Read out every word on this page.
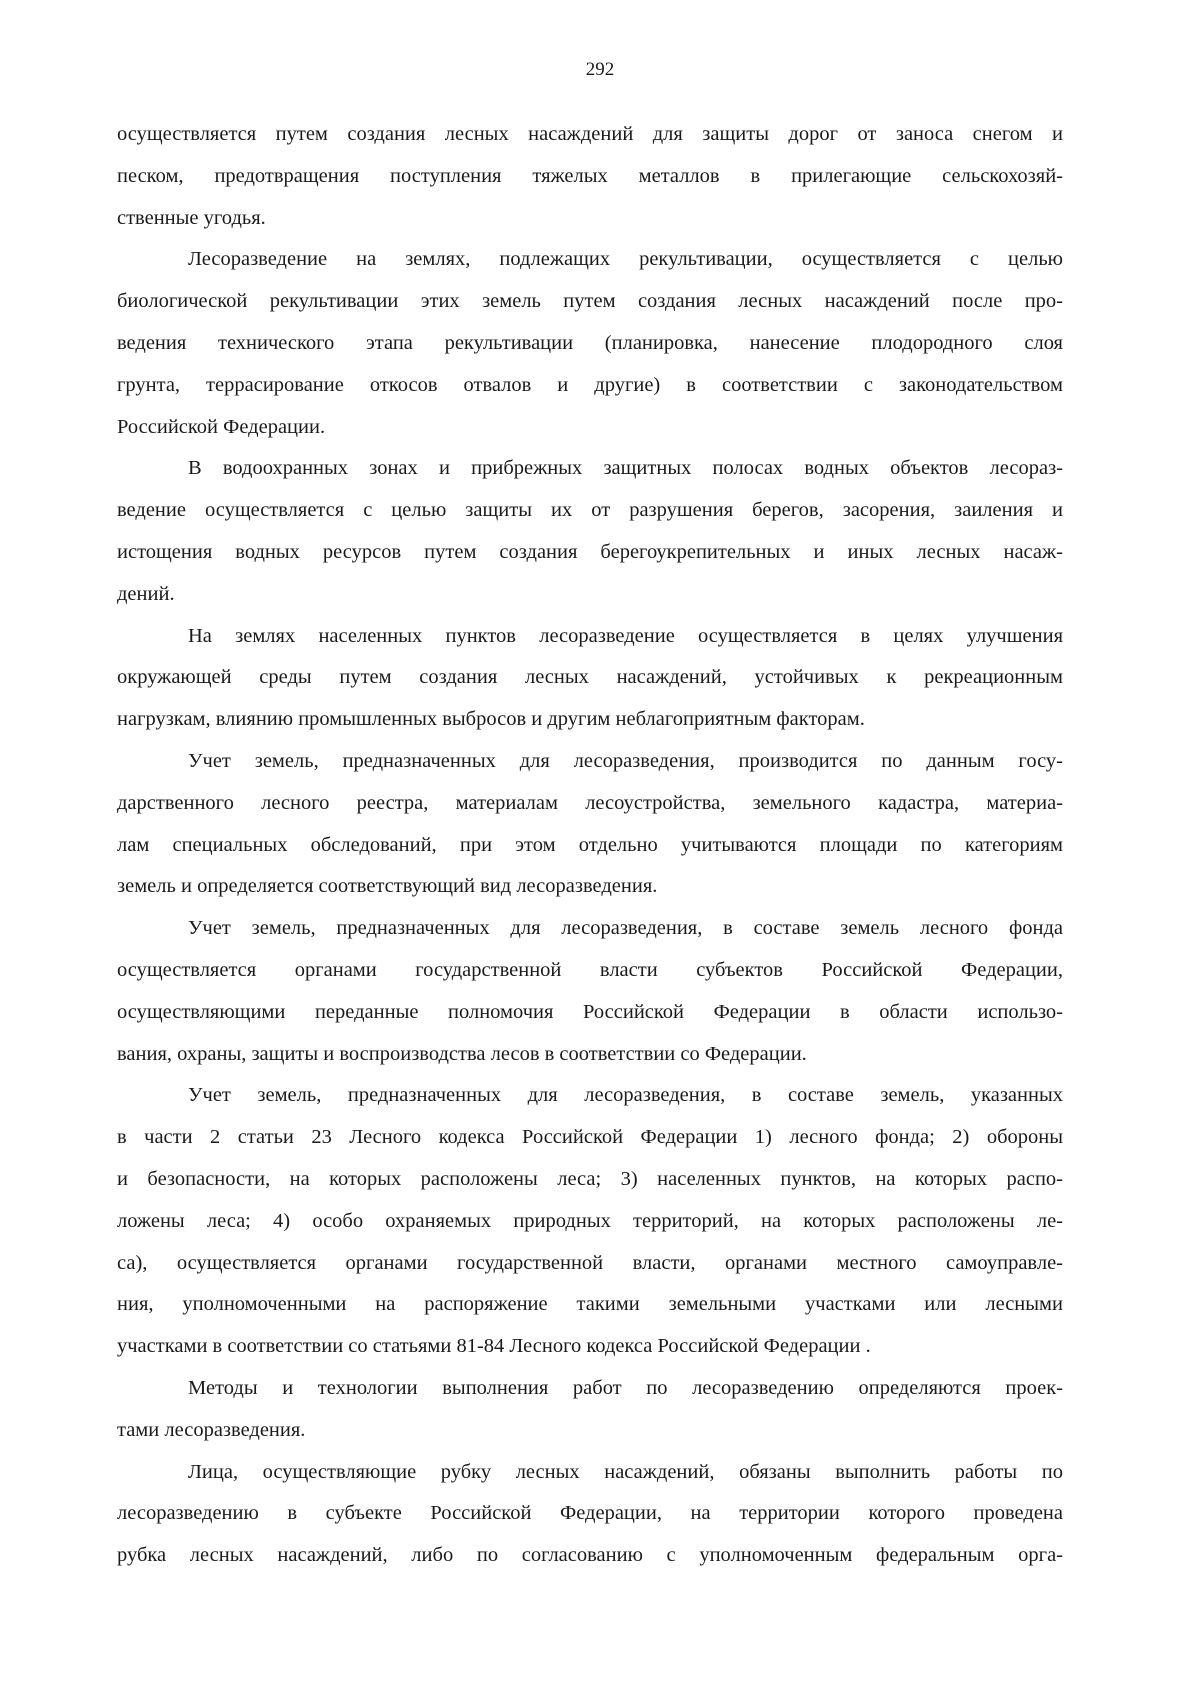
292
осуществляется путем создания лесных насаждений для защиты дорог от заноса снегом и
песком, предотвращения поступления тяжелых металлов в прилегающие сельскохозяй-
ственные угодья.
Лесоразведение на землях, подлежащих рекультивации, осуществляется с целью
биологической рекультивации этих земель путем создания лесных насаждений после про-
ведения технического этапа рекультивации (планировка, нанесение плодородного слоя
грунта, террасирование откосов отвалов и другие) в соответствии с законодательством
Российской Федерации.
В водоохранных зонах и прибрежных защитных полосах водных объектов лесораз-
ведение осуществляется с целью защиты их от разрушения берегов, засорения, заиления и
истощения водных ресурсов путем создания берегоукрепительных и иных лесных насаж-
дений.
На землях населенных пунктов лесоразведение осуществляется в целях улучшения
окружающей среды путем создания лесных насаждений, устойчивых к рекреационным
нагрузкам, влиянию промышленных выбросов и другим неблагоприятным факторам.
Учет земель, предназначенных для лесоразведения, производится по данным госу-
дарственного лесного реестра, материалам лесоустройства, земельного кадастра, материа-
лам специальных обследований, при этом отдельно учитываются площади по категориям
земель и определяется соответствующий вид лесоразведения.
Учет земель, предназначенных для лесоразведения, в составе земель лесного фонда
осуществляется органами государственной власти субъектов Российской Федерации,
осуществляющими переданные полномочия Российской Федерации в области использо-
вания, охраны, защиты и воспроизводства лесов в соответствии со Федерации.
Учет земель, предназначенных для лесоразведения, в составе земель, указанных
в части 2 статьи 23 Лесного кодекса Российской Федерации 1) лесного фонда; 2) обороны
и безопасности, на которых расположены леса; 3) населенных пунктов, на которых распо-
ложены леса; 4) особо охраняемых природных территорий, на которых расположены ле-
са), осуществляется органами государственной власти, органами местного самоуправле-
ния, уполномоченными на распоряжение такими земельными участками или лесными
участками в соответствии со статьями 81-84 Лесного кодекса Российской Федерации .
Методы и технологии выполнения работ по лесоразведению определяются проек-
тами лесоразведения.
Лица, осуществляющие рубку лесных насаждений, обязаны выполнить работы по
лесоразведению в субъекте Российской Федерации, на территории которого проведена
рубка лесных насаждений, либо по согласованию с уполномоченным федеральным орга-
